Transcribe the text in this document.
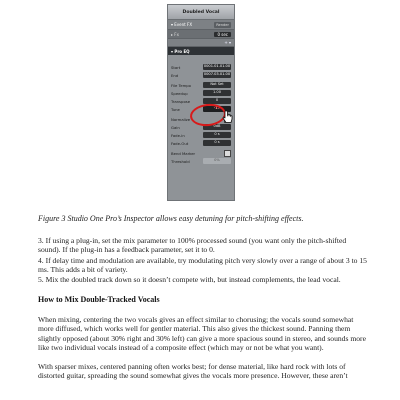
Doubled Vocal
▾ Event FX	Render
▸ Fx	0 sec
+ ▾
▾ Pro EQ
Start	0001.01.01.00
End	0007.03.01.00
File Tempo	Not Set
Speedup	1.00
Transpose	0
Tune	-17
Normalize
Gain	0dB
Fade-in	0 s
Fade-Out	0 s
Bend Marker
Threshold	0%

Figure 3 Studio One Pro’s Inspector allows easy detuning for pitch-shifting effects.

3. If using a plug-in, set the mix parameter to 100% processed sound (you want only the pitch-shifted sound). If the plug-in has a feedback parameter, set it to 0.

4. If delay time and modulation are available, try modulating pitch very slowly over a range of about 3 to 15 ms. This adds a bit of variety.

5. Mix the doubled track down so it doesn’t compete with, but instead complements, the lead vocal.

How to Mix Double-Tracked Vocals

When mixing, centering the two vocals gives an effect similar to chorusing; the vocals sound somewhat more diffused, which works well for gentler material. This also gives the thickest sound. Panning them slightly opposed (about 30% right and 30% left) can give a more spacious sound in stereo, and sounds more like two individual vocals instead of a composite effect (which may or not be what you want).

With sparser mixes, centered panning often works best; for dense material, like hard rock with lots of distorted guitar, spreading the sound somewhat gives the vocals more presence. However, these aren’t
